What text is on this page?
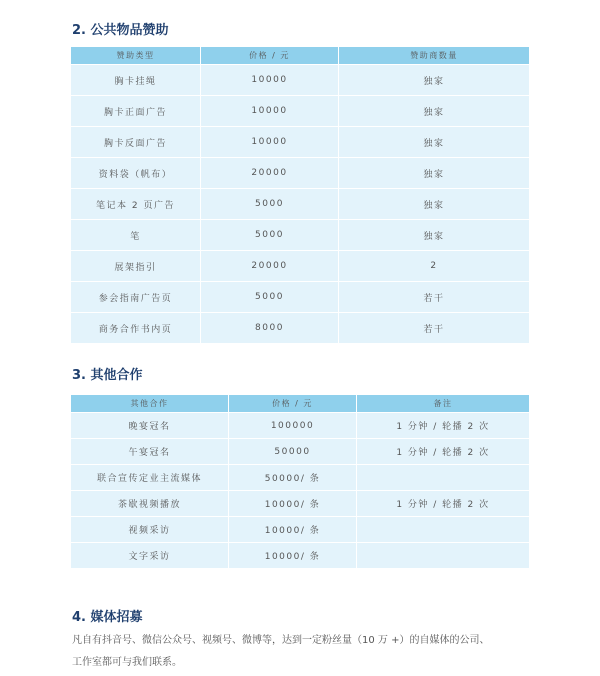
2. 公共物品赞助
赞助类型	价格 / 元	赞助商数量
胸卡挂绳	10000	独家
胸卡正面广告	10000	独家
胸卡反面广告	10000	独家
资料袋（帆布）	20000	独家
笔记本 2 页广告	5000	独家
笔	5000	独家
展架指引	20000	2
参会指南广告页	5000	若干
商务合作书内页	8000	若干
3. 其他合作
其他合作	价格 / 元	备注
晚宴冠名	100000	1 分钟 / 轮播 2 次
午宴冠名	50000	1 分钟 / 轮播 2 次
联合宣传定业主流媒体	50000/ 条	
茶歇视频播放	10000/ 条	1 分钟 / 轮播 2 次
视频采访	10000/ 条	
文字采访	10000/ 条	
4. 媒体招募
凡自有抖音号、微信公众号、视频号、微博等，达到一定粉丝量（10 万 +）的自媒体的公司、
工作室都可与我们联系。
